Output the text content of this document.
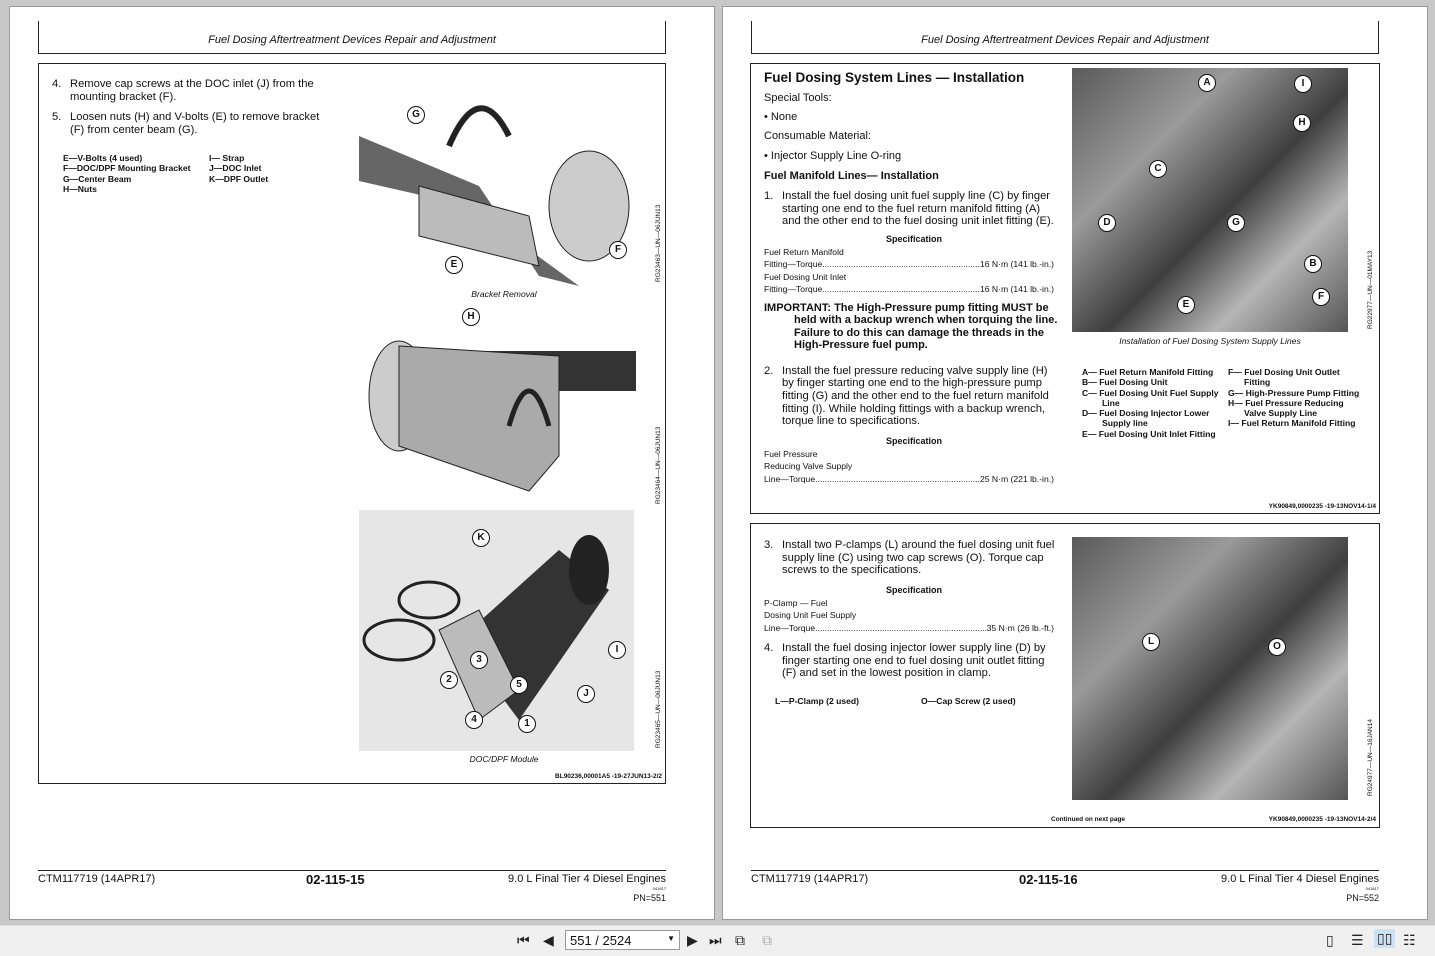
Fuel Dosing Aftertreatment Devices Repair and Adjustment
4. Remove cap screws at the DOC inlet (J) from the mounting bracket (F).
5. Loosen nuts (H) and V-bolts (E) to remove bracket (F) from center beam (G).
E—V-Bolts (4 used)
F—DOC/DPF Mounting Bracket
G—Center Beam
H—Nuts
I— Strap
J—DOC Inlet
K—DPF Outlet
G
E
F
Bracket Removal
RG23463—UN—06JUN13
H
RG23464—UN—06JUN13
K
I
3
2	5
J
4	1
DOC/DPF Module
RG23465—UN—06JUN13
BL90236,00001A5 -19-27JUN13-2/2
CTM117719 (14APR17)	02-115-15	9.0 L Final Tier 4 Diesel Engines
041817
PN=551
Fuel Dosing Aftertreatment Devices Repair and Adjustment
Fuel Dosing System Lines — Installation
Special Tools:
• None
Consumable Material:
• Injector Supply Line O-ring
Fuel Manifold Lines— Installation
1. Install the fuel dosing unit fuel supply line (C) by finger starting one end to the fuel return manifold fitting (A) and the other end to the fuel dosing unit inlet fitting (E).
Specification
Fuel Return Manifold
Fitting—Torque .....	16 N·m (141 lb.-in.)
Fuel Dosing Unit Inlet
Fitting—Torque .....	16 N·m (141 lb.-in.)
IMPORTANT: The High-Pressure pump fitting MUST be held with a backup wrench when torquing the line. Failure to do this can damage the threads in the High-Pressure fuel pump.
2. Install the fuel pressure reducing valve supply line (H) by finger starting one end to the high-pressure pump fitting (G) and the other end to the fuel return manifold fitting (I). While holding fittings with a backup wrench, torque line to specifications.
Specification
Fuel Pressure
Reducing Valve Supply
Line—Torque .....	25 N·m (221 lb.-in.)
A	I
H
C
D	G
B
E
F	RG22977—UN—01MAY13
Installation of Fuel Dosing System Supply Lines
A— Fuel Return Manifold Fitting
B— Fuel Dosing Unit
C— Fuel Dosing Unit Fuel Supply Line
D— Fuel Dosing Injector Lower Supply line
E— Fuel Dosing Unit Inlet Fitting
F— Fuel Dosing Unit Outlet Fitting
G— High-Pressure Pump Fitting
H— Fuel Pressure Reducing Valve Supply Line
I— Fuel Return Manifold Fitting
YK90849,0000235 -19-13NOV14-1/4
3. Install two P-clamps (L) around the fuel dosing unit fuel supply line (C) using two cap screws (O). Torque cap screws to the specifications.
Specification
P-Clamp — Fuel
Dosing Unit Fuel Supply
Line—Torque .....	35 N·m (26 lb.-ft.)
4. Install the fuel dosing injector lower supply line (D) by finger starting one end to fuel dosing unit outlet fitting (F) and set in the lowest position in clamp.
L—P-Clamp (2 used)	O—Cap Screw (2 used)
L	O
RG24977—UN—16JAN14
Continued on next page	YK90849,0000235 -19-13NOV14-2/4
CTM117719 (14APR17)	02-115-16	9.0 L Final Tier 4 Diesel Engines
041817
PN=552
⏮ ◀	551 / 2524	▼ ▶ ⏭ ⧉ ⧉	▯ ☰ ▯▯ ☷
